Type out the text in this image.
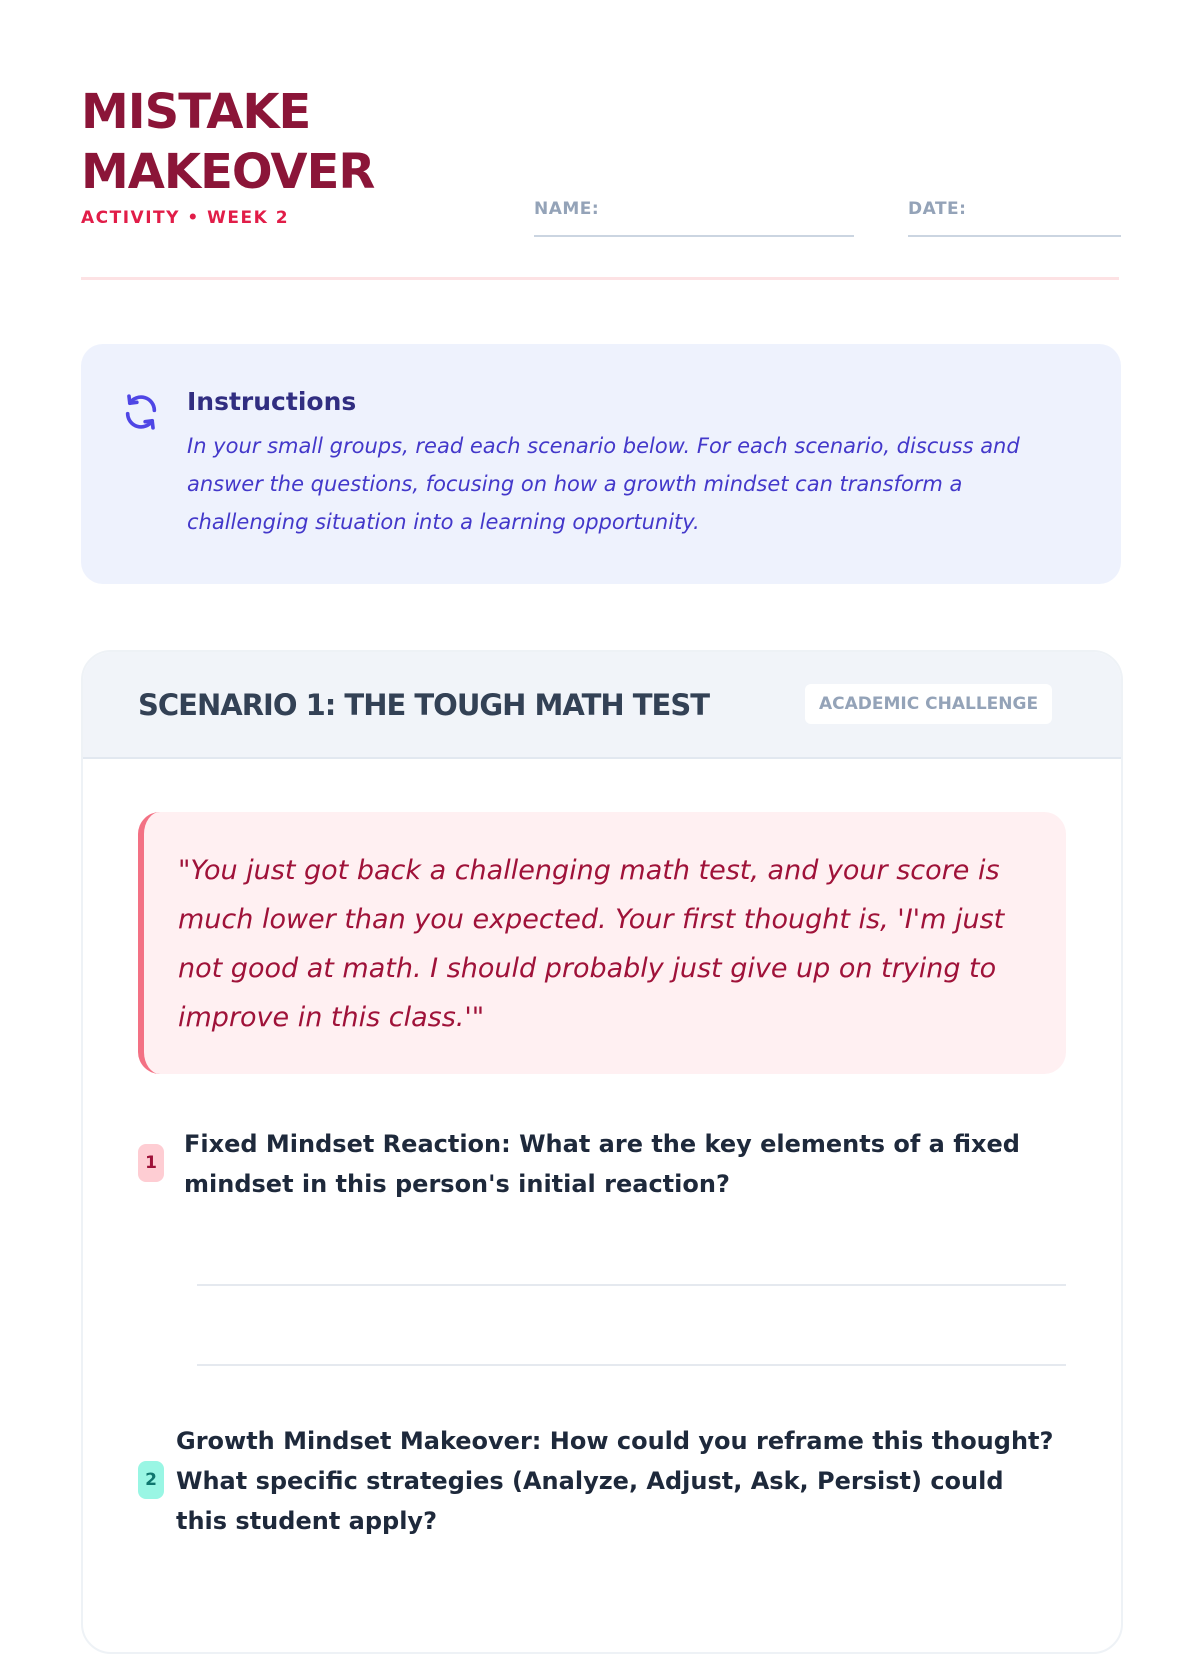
MISTAKE MAKEOVER
ACTIVITY • WEEK 2	NAME:	DATE:
Instructions
In your small groups, read each scenario below. For each scenario, discuss and answer the questions, focusing on how a growth mindset can transform a challenging situation into a learning opportunity.
SCENARIO 1: THE TOUGH MATH TEST	ACADEMIC CHALLENGE
"You just got back a challenging math test, and your score is much lower than you expected. Your first thought is, 'I'm just not good at math. I should probably just give up on trying to improve in this class.'"
1
Fixed Mindset Reaction: What are the key elements of a fixed mindset in this person's initial reaction?
2
Growth Mindset Makeover: How could you reframe this thought? What specific strategies (Analyze, Adjust, Ask, Persist) could this student apply?
